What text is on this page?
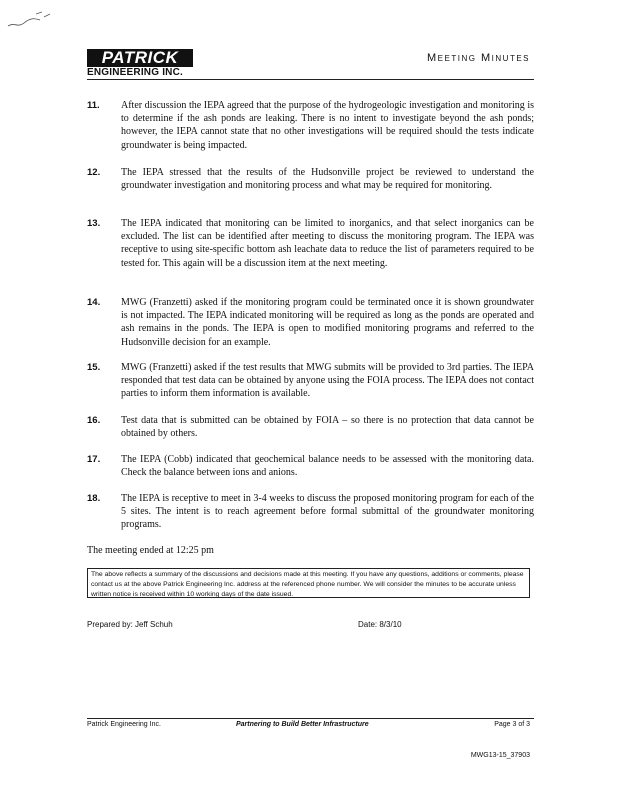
PATRICK
ENGINEERING INC.
Meeting Minutes
11. After discussion the IEPA agreed that the purpose of the hydrogeologic investigation and monitoring is to determine if the ash ponds are leaking. There is no intent to investigate beyond the ash ponds; however, the IEPA cannot state that no other investigations will be required should the tests indicate groundwater is being impacted.
12. The IEPA stressed that the results of the Hudsonville project be reviewed to understand the groundwater investigation and monitoring process and what may be required for monitoring.
13. The IEPA indicated that monitoring can be limited to inorganics, and that select inorganics can be excluded. The list can be identified after meeting to discuss the monitoring program. The IEPA was receptive to using site-specific bottom ash leachate data to reduce the list of parameters required to be tested for. This again will be a discussion item at the next meeting.
14. MWG (Franzetti) asked if the monitoring program could be terminated once it is shown groundwater is not impacted. The IEPA indicated monitoring will be required as long as the ponds are operated and ash remains in the ponds. The IEPA is open to modified monitoring programs and referred to the Hudsonville decision for an example.
15. MWG (Franzetti) asked if the test results that MWG submits will be provided to 3rd parties. The IEPA responded that test data can be obtained by anyone using the FOIA process. The IEPA does not contact parties to inform them information is available.
16. Test data that is submitted can be obtained by FOIA – so there is no protection that data cannot be obtained by others.
17. The IEPA (Cobb) indicated that geochemical balance needs to be assessed with the monitoring data. Check the balance between ions and anions.
18. The IEPA is receptive to meet in 3-4 weeks to discuss the proposed monitoring program for each of the 5 sites. The intent is to reach agreement before formal submittal of the groundwater monitoring programs.
The meeting ended at 12:25 pm
The above reflects a summary of the discussions and decisions made at this meeting. If you have any questions, additions or comments, please contact us at the above Patrick Engineering Inc. address at the referenced phone number. We will consider the minutes to be accurate unless written notice is received within 10 working days of the date issued.
Prepared by: Jeff Schuh	Date: 8/3/10
Patrick Engineering Inc.	Partnering to Build Better Infrastructure	Page 3 of 3
MWG13-15_37903
